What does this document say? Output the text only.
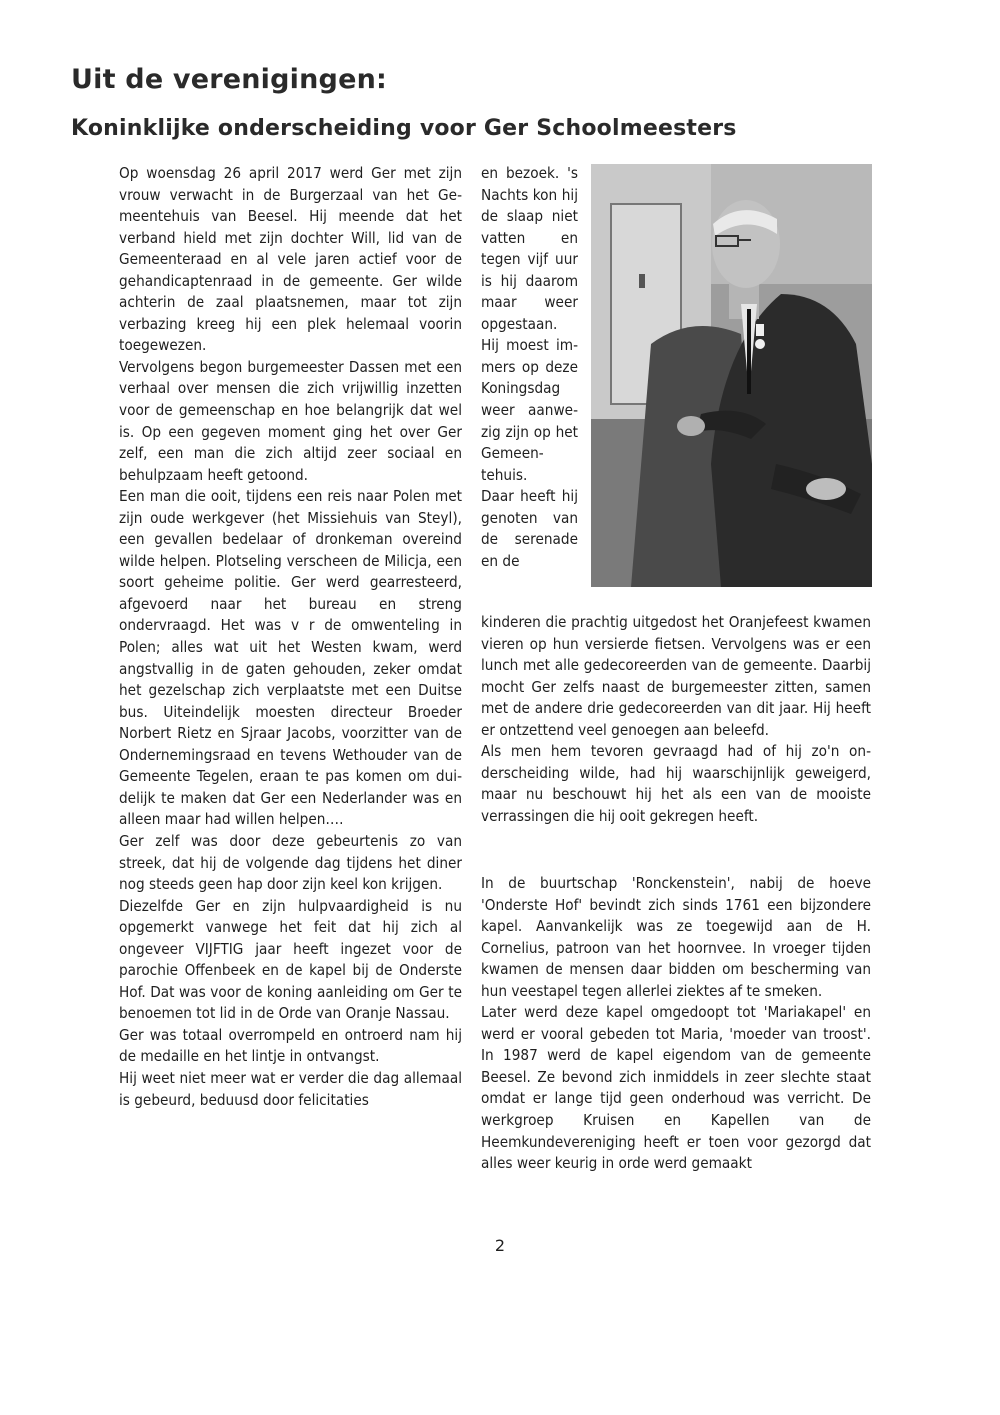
Uit de verenigingen:
Koninklijke onderscheiding voor Ger Schoolmeesters

Op woensdag 26 april 2017 werd Ger met zijn vrouw verwacht in de Burgerzaal van het Gemeentehuis van Beesel. Hij meende dat het verband hield met zijn dochter Will, lid van de Gemeenteraad en al vele jaren actief voor de gehandicaptenraad in de gemeente. Ger wilde achterin de zaal plaatsnemen, maar tot zijn verbazing kreeg hij een plek helemaal voorin toegewezen.

Vervolgens begon burgemeester Dassen met een verhaal over mensen die zich vrijwillig inzetten voor de gemeenschap en hoe belangrijk dat wel is. Op een gegeven moment ging het over Ger zelf, een man die zich altijd zeer sociaal en behulpzaam heeft getoond.

Een man die ooit, tijdens een reis naar Polen met zijn oude werkgever (het Missiehuis van Steyl), een gevallen bedelaar of dronkeman overeind wilde helpen. Plotseling verscheen de Milicja, een soort geheime politie. Ger werd gearresteerd, afgevoerd naar het bureau en streng ondervraagd. Het was v r de omwenteling in Polen; alles wat uit het Westen kwam, werd angstvallig in de gaten gehouden, zeker omdat het gezelschap zich verplaatste met een Duitse bus. Uiteindelijk moesten directeur Broeder Norbert Rietz en Sjraar Jacobs, voorzitter van de Ondernemingsraad en tevens Wethouder van de Gemeente Tegelen, eraan te pas komen om duidelijk te maken dat Ger een Nederlander was en alleen maar had willen helpen….

Ger zelf was door deze gebeurtenis zo van streek, dat hij de volgende dag tijdens het diner nog steeds geen hap door zijn keel kon krijgen.

Diezelfde Ger en zijn hulpvaardigheid is nu opgemerkt vanwege het feit dat hij zich al ongeveer VIJFTIG jaar heeft ingezet voor de parochie Offenbeek en de kapel bij de Onderste Hof. Dat was voor de koning aanleiding om Ger te benoemen tot lid in de Orde van Oranje Nassau.

Ger was totaal overrompeld en ontroerd nam hij de medaille en het lintje in ontvangst.

Hij weet niet meer wat er verder die dag allemaal is gebeurd, beduusd door felicitaties

en bezoek. 's Nachts kon hij de slaap niet vatten en tegen vijf uur is hij daarom maar weer opgestaan. Hij moest immers op deze Koningsdag weer aanwezig zijn op het Gemeentehuis.

Daar heeft hij genoten van de serenade en de

kinderen die prachtig uitgedost het Oranjefeest kwamen vieren op hun versierde fietsen. Vervolgens was er een lunch met alle gedecoreerden van de gemeente. Daarbij mocht Ger zelfs naast de burgemeester zitten, samen met de andere drie gedecoreerden van dit jaar. Hij heeft er ontzettend veel genoegen aan beleefd.

Als men hem tevoren gevraagd had of hij zo'n onderscheiding wilde, had hij waarschijnlijk geweigerd, maar nu beschouwt hij het als een van de mooiste verrassingen die hij ooit gekregen heeft.

In de buurtschap 'Ronckenstein', nabij de hoeve 'Onderste Hof' bevindt zich sinds 1761 een bijzondere kapel. Aanvankelijk was ze toegewijd aan de H. Cornelius, patroon van het hoornvee. In vroeger tijden kwamen de mensen daar bidden om bescherming van hun veestapel tegen allerlei ziektes af te smeken.

Later werd deze kapel omgedoopt tot 'Mariakapel' en werd er vooral gebeden tot Maria, 'moeder van troost'. In 1987 werd de kapel eigendom van de gemeente Beesel. Ze bevond zich inmiddels in zeer slechte staat omdat er lange tijd geen onderhoud was verricht. De werkgroep Kruisen en Kapellen van de Heemkundevereniging heeft er toen voor gezorgd dat alles weer keurig in orde werd gemaakt

2
